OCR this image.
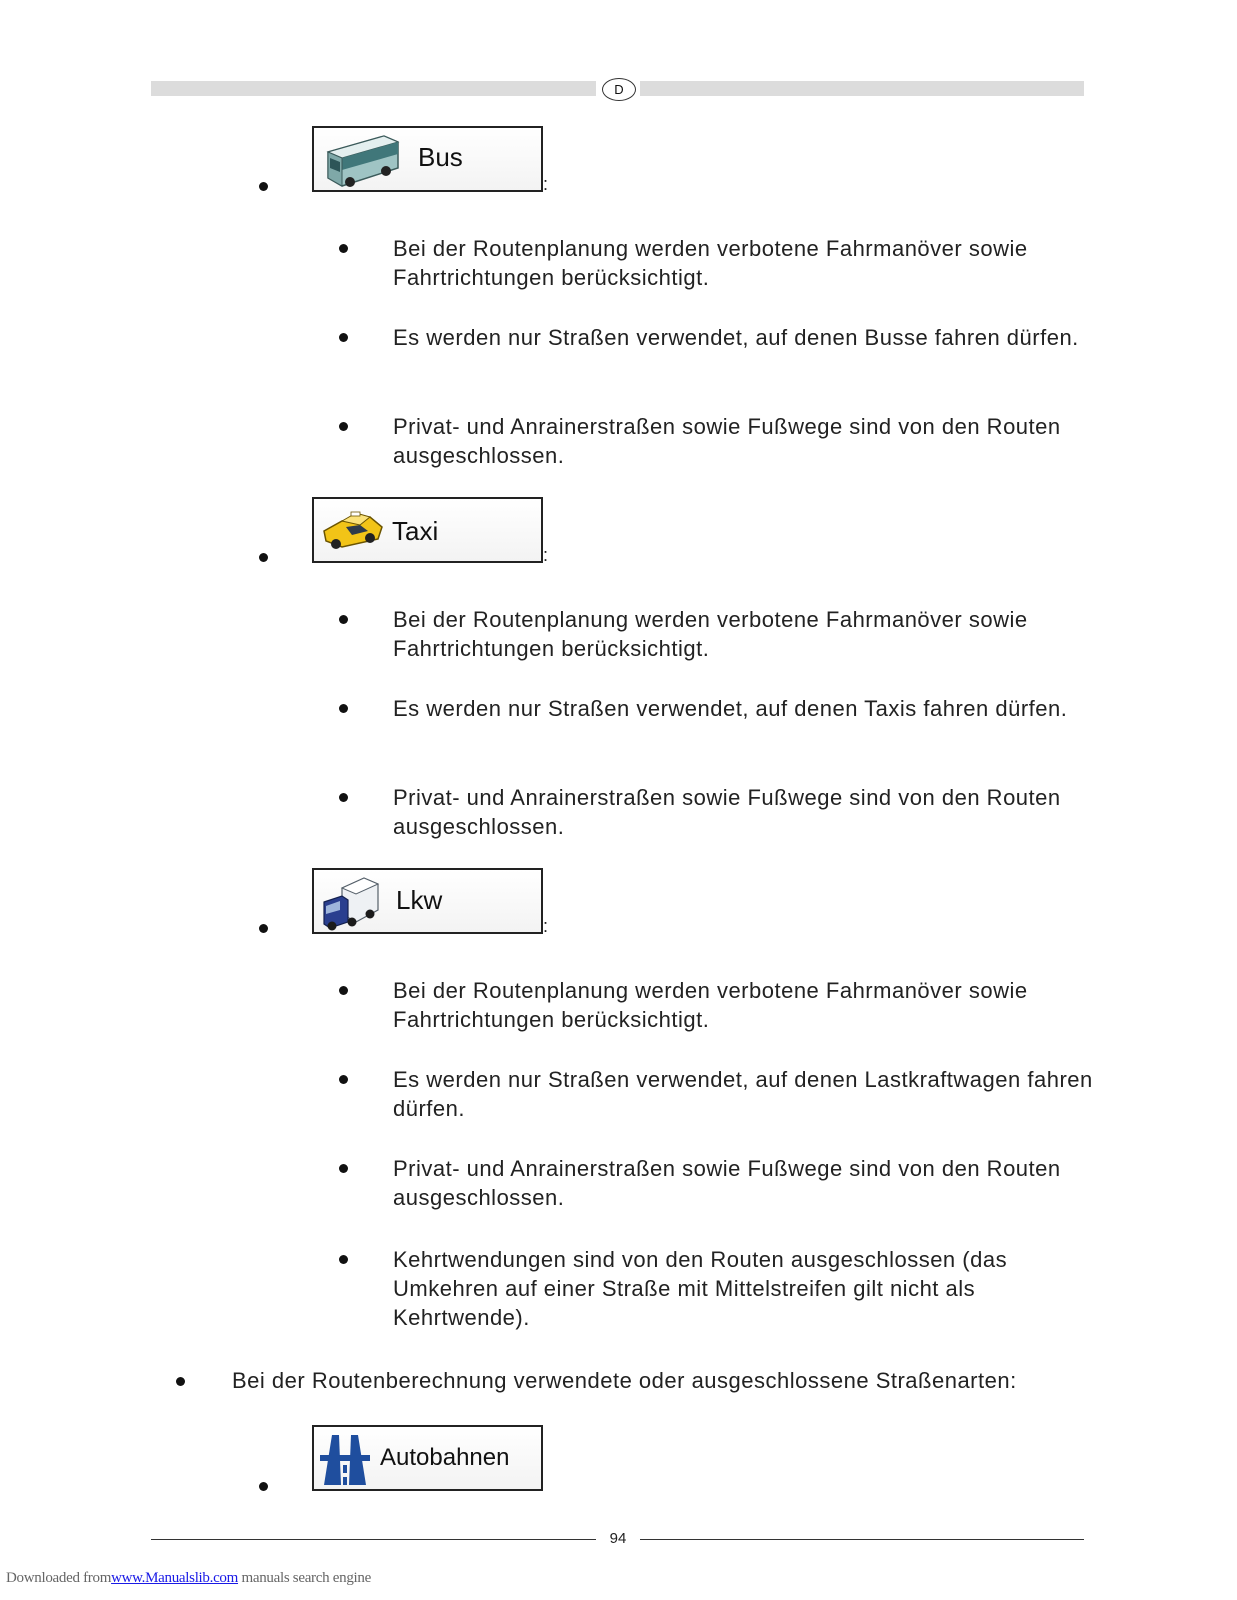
D
Bus
:
Bei der Routenplanung werden verbotene Fahrmanöver sowie Fahrtrichtungen berücksichtigt.
Es werden nur Straßen verwendet, auf denen Busse fahren dürfen.
Privat- und Anrainerstraßen sowie Fußwege sind von den Routen ausgeschlossen.
Taxi
:
Bei der Routenplanung werden verbotene Fahrmanöver sowie Fahrtrichtungen berücksichtigt.
Es werden nur Straßen verwendet, auf denen Taxis fahren dürfen.
Privat- und Anrainerstraßen sowie Fußwege sind von den Routen ausgeschlossen.
Lkw
:
Bei der Routenplanung werden verbotene Fahrmanöver sowie Fahrtrichtungen berücksichtigt.
Es werden nur Straßen verwendet, auf denen Lastkraftwagen fahren dürfen.
Privat- und Anrainerstraßen sowie Fußwege sind von den Routen ausgeschlossen.
Kehrtwendungen sind von den Routen ausgeschlossen (das Umkehren auf einer Straße mit Mittelstreifen gilt nicht als Kehrtwende).
Bei der Routenberechnung verwendete oder ausgeschlossene Straßenarten:
Autobahnen
94
Downloaded fromwww.Manualslib.com manuals search engine
